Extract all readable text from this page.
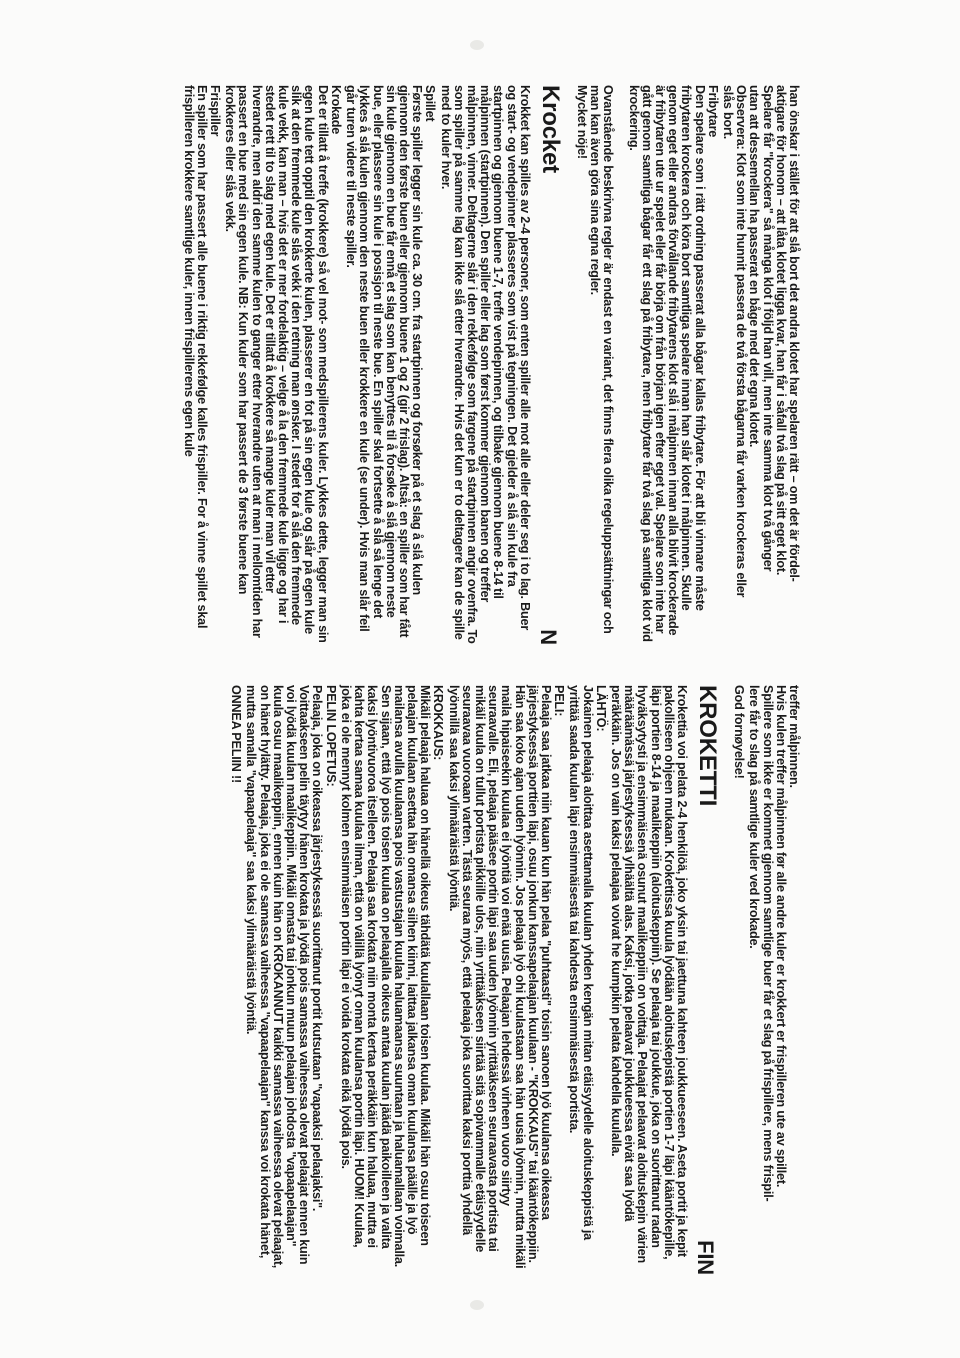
han önskar i stället för att slå bort det andra klotet har spelaren rätt – om det är fördel-
aktigare för honom – att låta klotet ligga kvar, han får i såfall två slag på sitt eget klot.
Spelare får "krockera" så många klot i följd han vill, men inte samma klot två gånger
utan att dessemellan ha passerat en båge med det egna klotet.
Observera: Klot som inte hunnit passera de två första bågarna får varken krockeras eller
slås bort.
Fribytare
Den spelare som i rätt ordning passerat alla bågar kallas fribytare. För att bli vinnare måste fribytaren krockera och köra bort samtliga spelare innan han slår klotet i målpinnen. Skulle genom eget eller andras förvållande fribytarens klot slå i målpinnen innan alla blivit krockerade är fribytaren ute ur spelet eller får börja om från början igen efter eget val. Spelare som inte har gått genom samtliga bågar får ett slag på fribytare, men fribytare får två slag på samtliga klot vid krockering.
Ovanstående beskrivna regler är endast en variant, det finns flera olika regeluppsättningar och man kan även göra sina egna regler.
Mycket nöje!
Krocket
N
Krokket kan spilles av 2-4 personer, som enten spiller alle mot alle eller deler seg i to lag. Buer og start- og vendepinner plasseres som vist på tegningen. Det gjelder å slå sin kule fra startpinnen og gjennom buene 1-7, treffe vendepinnen, og tilbake gjennom buene 8-14 til målpinnen (startpinnen). Den spiller eller lag som først kommer gjennom banen og treffer målpinnen, vinner. Deltagerne slår i den rekkefølge som fargene på startpinnen angir ovenfra. To som spiller på samme lag kan ikke slå etter hverandre. Hvis det kun er to deltagere kan de spille med to kuler hver.
Spillet
Første spiller legger sin kule ca. 30 cm. fra startpinnen og forsøker på et slag å slå kulen gjennom den første buen eller gjennom buene 1 og 2 (gir 2 frislag). Altså: en spiller som har fått sin kule gjennom en bue får ennå et slag som kan benyttes til å forsøke å slå gjennom neste bue, eller plassere sin kule i posisjon til neste bue. En spiller skal fortsette å slå så lenge det lykkes å slå kulen gjennom den neste buen eller krokkere en kule (se under). Hvis man slår feil går turen videre til neste spiller.
Krokade
Det er tillatt å treffe (krokkere) så vel mot- som medspillerens kuler. Lykkes dette, legger man sin egen kule tett opptil den krokkerte kulen, plasserer en fot på sin egen kule og slår på egen kule slik at den fremmede kule slås vekk i den retning man ønsker. I stedet for å slå den fremmede kule vekk, kan man – hvis det er mer fordelaktig – velge å la den fremmede kule ligge og har i stedet rett til to slag med egen kule. Det er tillatt å krokkere så mange kuler man vil etter hverandre, men aldri den samme kulen to ganger etter hverandre uten at man i mellomtiden har passert en bue med sin egen kule. NB: Kun kuler som har passert de 3 første buene kan krokkeres eller slås vekk.
Frispiller
En spiller som har passert alle buene i riktig rekkefølge kalles frispiller. For å vinne spillet skal frispilleren krokkere samtlige kuler, innen frispillerens egen kule
treffer målpinnen.
Hvis kulen treffer målpinnen før alle andre kuler er krokkert er frispilleren ute av spillet.
Spillere som ikke er kommet gjennom samtlige buer får et slag på frispillere, mens frispil-
lere får to slag på samtlige kuler ved krokade.
God fornøyelse!
KROKETTI
FIN
Krokettia voi pelata 2-4 henkilöä, joko yksin tai jaettuna kahteen joukkueeseen. Aseta portit ja kepit pakolliseen ohjeen mukaan. Krokettissa kuula lyödään aloituskepistä portien 1-7 läpi kääntökepille, läpi portien 8-14 ja maalikeppiin (aloituskeppiin). Se pelaaja tai joukkue, joka on suorittanut radan hyväksytysti ja ensimmäisenä osunut maalikeppiin on voittaja. Pelaajat pelaavat aloituskepin värien määräämässä järjestyksessä ylhäältä alas. Kaksi, jotka pelaavat joukkueessa eivät saa lyödä peräkkäin. Jos on vain kaksi pelaajaa voivat he kumpikin pelata kahdella kuulalla.
LÄHTÖ:
Jokainen pelaaja aloittaa asettamalla kuulan yhden kengän mitan etäisyydelle aloituskeppistä ja yrittää saada kuulan läpi ensimmäisestä tai kahdesta ensimmäisestä portista.
PELI:
Pelaaja saa jatkaa niin kauan kun hän pelaa "puhtaasti" toisin sanoen lyö kuulansa oikeassa järjestyksessä porttien läpi, osuu jonkun kanssapelaajan kuulaan - "KROKKAUS" tai kääntökeppiin. Hän saa koko ajan uuden lyönnin. Jos pelaaja lyö ohi kuulastaan saa hän uusia lyönnin, mutta mikäli maila hipaiseekin kuulaa ei lyöntiä voi enää uusia. Pelaajan lehdessä virheen vuoro siirtyy seuraavalle. Eli, pelaaja pääsee portin läpi saa uuden lyönnin yrittääkseen seuraavasta portista tai mikäli kuula on tullut portista pikkiille ulos, niin yrittääkseen siirtää sitä sopivammalle etäisyydelle seuraavaa vuoroaan varten. Tästä seuraa myös, että pelaaja joka suorittaa kaksi porttia yhdellä lyönnillä saa kaksi ylimääräistä lyöntiä.
KROKKAUS:
Mikäli pelaaja haluaa on hänellä oikeus tähdätä kuulallaan toisen kuulaa. Mikäli hän osuu toiseen pelaajan kuulaan asettaa hän omansa siihen kiinni, laittaa jalkansa oman kuulansa päälle ja lyö mailansa avulla kuulaansa pois vastustajan kuulaa haluamaansa suuntaan ja haluamallaan voimalla. Sen sijaan, että lyö pois toisen kuulaa on pelaajalla oikeus antaa kuulan jäädä paikoilleen ja valita kaksi lyöntivuoroa itselleen. Pelaaja saa krokata niin monta kertaa peräkkäin kun haluaa, mutta ei kahta kertaa samaa kuulaa ilman, että on välillä lyönyt oman kuulansa portin läpi. HUOM! Kuulaa, joka ei ole mennyt kolmen ensimmäisen portin läpi ei voida krokata eikä lyödä pois.
PELIN LOPETUS:
Pelaaja, joka on oikeassa järjestyksessä suorittanut portit kutsutaan "vapaaksi pelaajaksi". Voittaakseen pelin täytyy hänen krokata ja lyödä pois samassa vaiheessa olevat pelaajat ennen kuin voi lyödä kuulan maalikeppiin. Mikäli omasta tai jonkun muun pelaajan johdosta "vapaapelaajan" kuula osuu maalikeppiin, ennen kuin hän on KROKANNUT kaikki samassa vaiheessa olevat pelaajat, on hänet hylätty. Pelaaja, joka ei ole samassa vaiheessa "vapaapelaajan" kanssa voi krokata hänet, mutta samalla "vapaapelaaja" saa kaksi ylimääräistä lyöntiä.
ONNEA PELIIN !!
